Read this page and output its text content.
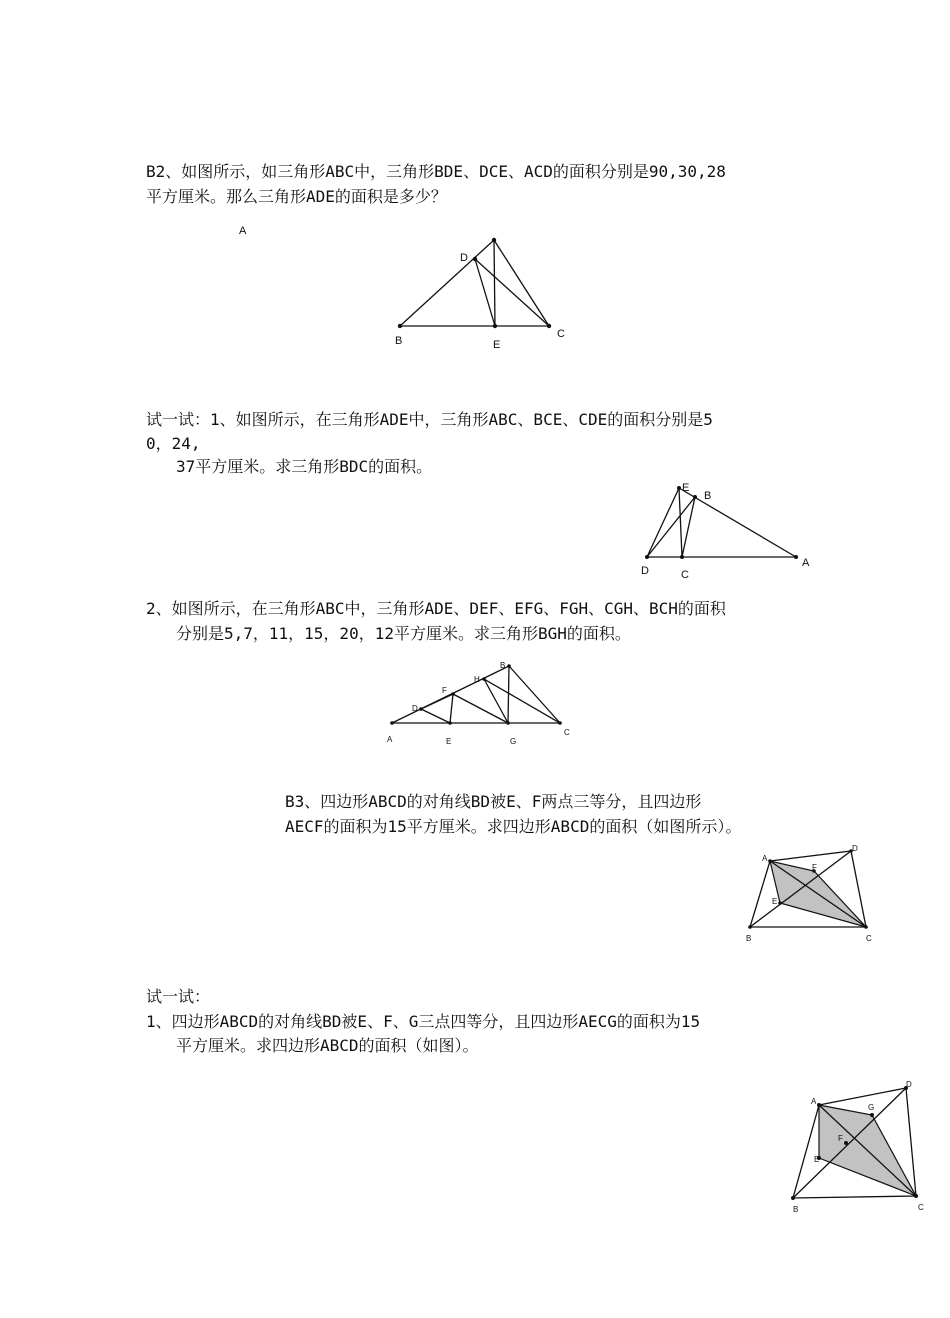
B2、如图所示，如三角形ABC中，三角形BDE、DCE、ACD的面积分别是90,30,28
平方厘米。那么三角形ADE的面积是多少？
A
D
B	E
C
试一试：1、如图所示，在三角形ADE中，三角形ABC、BCE、CDE的面积分别是5
0，24,
37平方厘米。求三角形BDC的面积。
E
B
D	C
A
2、如图所示，在三角形ABC中，三角形ADE、DEF、EFG、FGH、CGH、BCH的面积
分别是5,7，11，15，20，12平方厘米。求三角形BGH的面积。
A
D
F
H
B
E	G
C
B3、四边形ABCD的对角线BD被E、F两点三等分，且四边形
AECF的面积为15平方厘米。求四边形ABCD的面积（如图所示）。
A
F
D
E
B	C
试一试：
1、四边形ABCD的对角线BD被E、F、G三点四等分，且四边形AECG的面积为15
平方厘米。求四边形ABCD的面积（如图）。
A
G
D
F
E
B	C
